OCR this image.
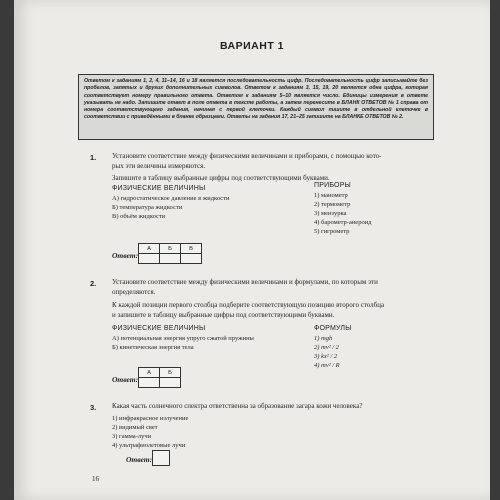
ВАРИАНТ 1
Ответом к заданиям 1, 2, 4, 11–14, 16 и 18 является последовательность цифр. Последовательность цифр записывайте без пробелов, запятых и других дополнительных символов. Ответом к заданиям 3, 15, 19, 20 является одна цифра, которая соответствует номеру правильного ответа. Ответом к заданиям 5–10 является число. Единицы измерения в ответе указывать не надо. Запишите ответ в поле ответа в тексте работы, а затем перенесите в БЛАНК ОТВЕТОВ № 1 справа от номера соответствующего задания, начиная с первой клеточки. Каждый символ пишите в отдельной клеточке в соответствии с приведёнными в бланке образцами. Ответы на задания 17, 21–25 запишите на БЛАНКЕ ОТВЕТОВ № 2.
1. Установите соответствие между физическими величинами и приборами, с помощью кото-
рых эти величины измеряются.
Запишите в таблицу выбранные цифры под соответствующими буквами.
ФИЗИЧЕСКИЕ ВЕЛИЧИНЫ
А) гидростатическое давление в жидкости
Б) температура жидкости
В) объём жидкости
ПРИБОРЫ
1) манометр
2) термометр
3) мензурка
4) барометр-анероид
5) гигрометр
Ответ:
А	Б	В

2. Установите соответствие между физическими величинами и формулами, по которым эти
определяются.
К каждой позиции первого столбца подберите соответствующую позицию второго столбца
и запишите в таблицу выбранные цифры под соответствующими буквами.
ФИЗИЧЕСКИЕ ВЕЛИЧИНЫ
А) потенциальная энергия упруго сжатой пружины
Б) кинетическая энергия тела
ФОРМУЛЫ
1) mgh
2) mv² / 2
3) kx² / 2
4) mv² / R
Ответ:
А	Б

3. Какая часть солнечного спектра ответственна за образование загара кожи человека?
1) инфракрасное излучение
2) видимый свет
3) гамма-лучи
4) ультрафиолетовые лучи
Ответ:
16
